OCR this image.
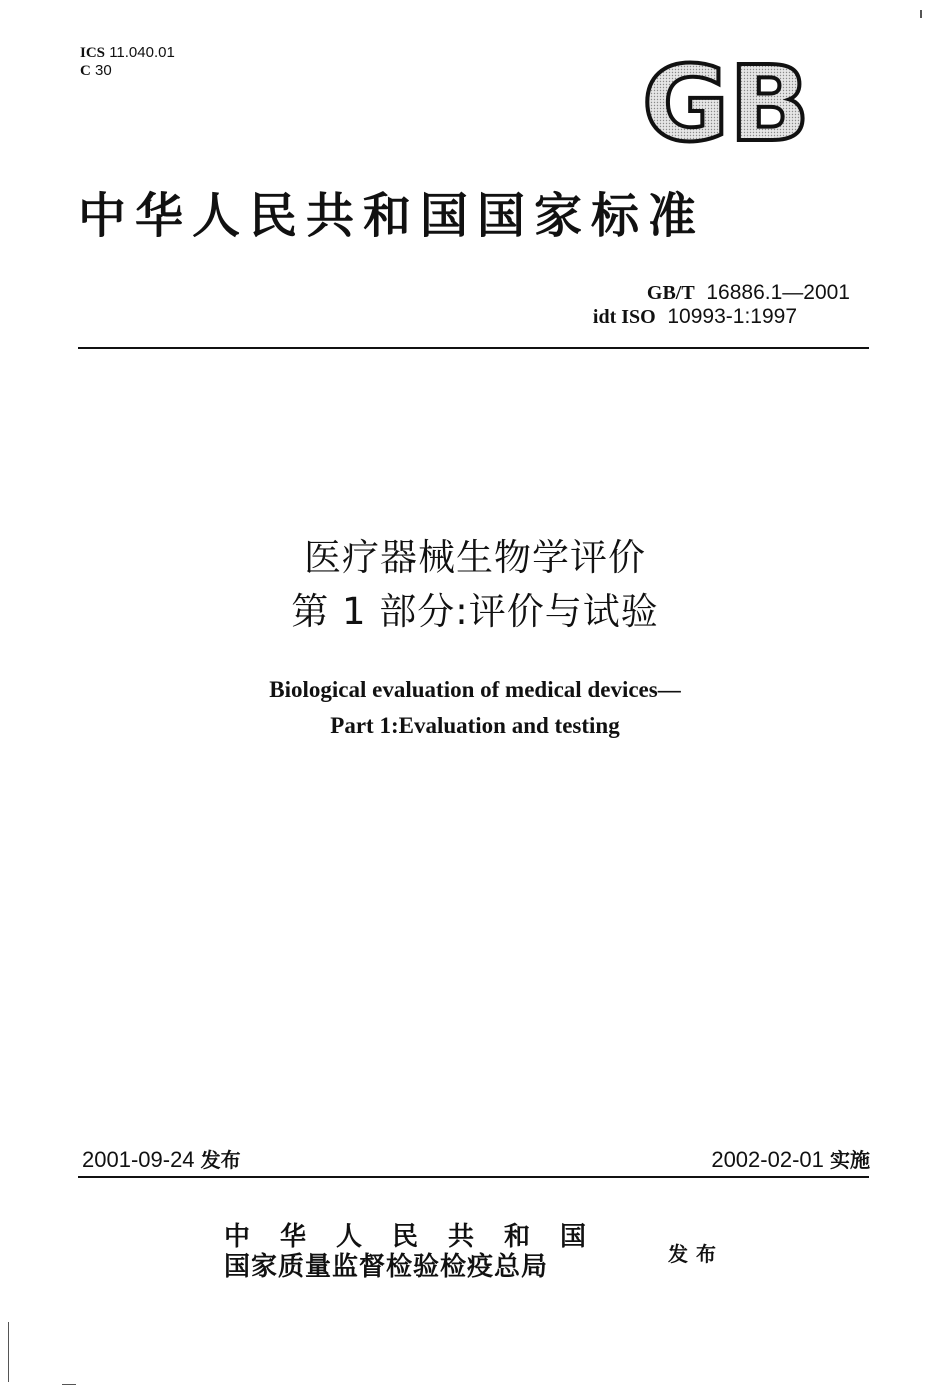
ICS 11.040.01
C 30	GB
中华人民共和国国家标准
GB/T 16886.1—2001
idt ISO 10993-1:1997
医疗器械生物学评价
第 1 部分:评价与试验
Biological evaluation of medical devices—
Part 1:Evaluation and testing
2001-09-24 发布	2002-02-01 实施
中华人民共和国
国家质量监督检验检疫总局	发布
